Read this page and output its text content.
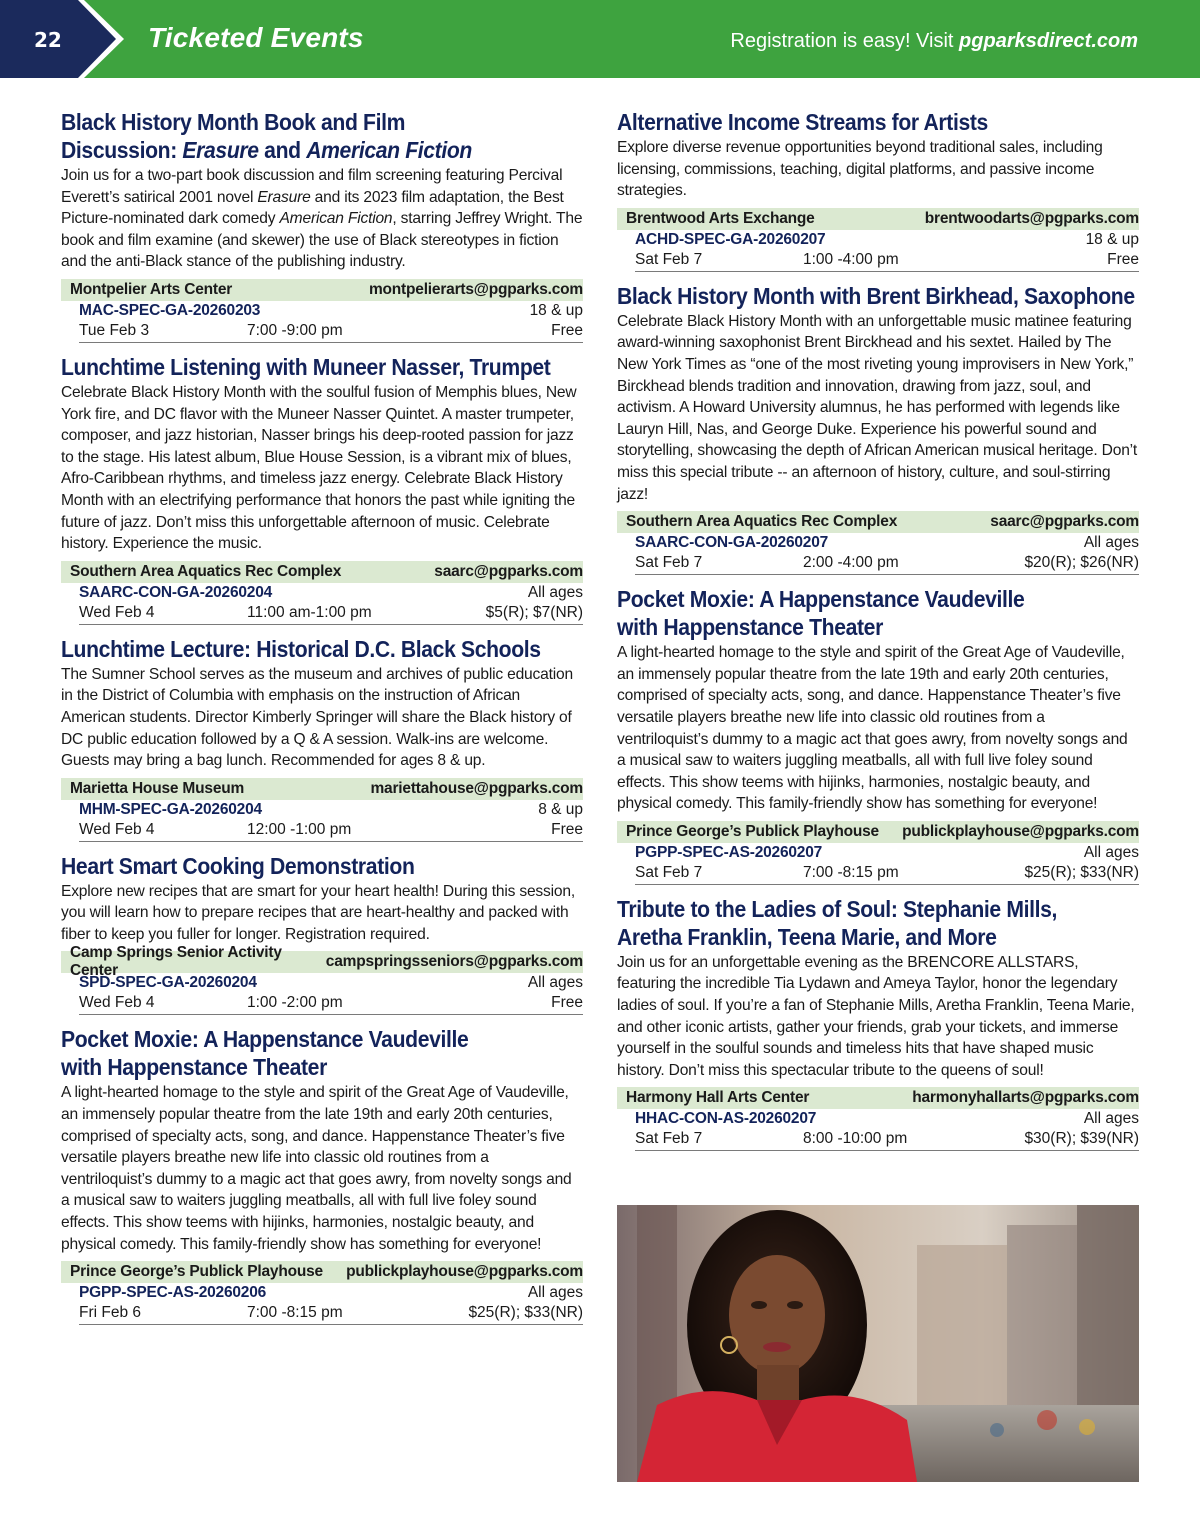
22	Ticketed Events	Registration is easy! Visit pgparksdirect.com
Black History Month Book and Film
Discussion: Erasure and American Fiction
Join us for a two-part book discussion and film screening featuring Percival Everett’s satirical 2001 novel Erasure and its 2023 film adaptation, the Best Picture-nominated dark comedy American Fiction, starring Jeffrey Wright. The book and film examine (and skewer) the use of Black stereotypes in fiction and the anti-Black stance of the publishing industry.
Montpelier Arts Center	montpelierarts@pgparks.com
MAC-SPEC-GA-20260203	18 & up
Tue Feb 3	7:00 -9:00 pm	Free
Lunchtime Listening with Muneer Nasser, Trumpet
Celebrate Black History Month with the soulful fusion of Memphis blues, New York fire, and DC flavor with the Muneer Nasser Quintet. A master trumpeter, composer, and jazz historian, Nasser brings his deep-rooted passion for jazz to the stage. His latest album, Blue House Session, is a vibrant mix of blues, Afro-Caribbean rhythms, and timeless jazz energy. Celebrate Black History Month with an electrifying performance that honors the past while igniting the future of jazz. Don’t miss this unforgettable afternoon of music. Celebrate history. Experience the music.
Southern Area Aquatics Rec Complex	saarc@pgparks.com
SAARC-CON-GA-20260204	All ages
Wed Feb 4	11:00 am-1:00 pm	$5(R); $7(NR)
Lunchtime Lecture: Historical D.C. Black Schools
The Sumner School serves as the museum and archives of public education in the District of Columbia with emphasis on the instruction of African American students. Director Kimberly Springer will share the Black history of DC public education followed by a Q & A session. Walk-ins are welcome. Guests may bring a bag lunch. Recommended for ages 8 & up.
Marietta House Museum	mariettahouse@pgparks.com
MHM-SPEC-GA-20260204	8 & up
Wed Feb 4	12:00 -1:00 pm	Free
Heart Smart Cooking Demonstration
Explore new recipes that are smart for your heart health! During this session, you will learn how to prepare recipes that are heart-healthy and packed with fiber to keep you fuller for longer. Registration required.
Camp Springs Senior Activity Center
campspringsseniors@pgparks.com
SPD-SPEC-GA-20260204	All ages
Wed Feb 4	1:00 -2:00 pm	Free
Pocket Moxie: A Happenstance Vaudeville
with Happenstance Theater
A light-hearted homage to the style and spirit of the Great Age of Vaudeville, an immensely popular theatre from the late 19th and early 20th centuries, comprised of specialty acts, song, and dance. Happenstance Theater’s five versatile players breathe new life into classic old routines from a ventriloquist’s dummy to a magic act that goes awry, from novelty songs and a musical saw to waiters juggling meatballs, all with full live foley sound effects. This show teems with hijinks, harmonies, nostalgic beauty, and physical comedy. This family-friendly show has something for everyone!
Prince George’s Publick Playhouse publickplayhouse@pgparks.com
PGPP-SPEC-AS-20260206	All ages
Fri Feb 6	7:00 -8:15 pm	$25(R); $33(NR)
Alternative Income Streams for Artists
Explore diverse revenue opportunities beyond traditional sales, including licensing, commissions, teaching, digital platforms, and passive income strategies.
Brentwood Arts Exchange	brentwoodarts@pgparks.com
ACHD-SPEC-GA-20260207	18 & up
Sat Feb 7	1:00 -4:00 pm	Free
Black History Month with Brent Birkhead, Saxophone
Celebrate Black History Month with an unforgettable music matinee featuring award-winning saxophonist Brent Birckhead and his sextet. Hailed by The New York Times as “one of the most riveting young improvisers in New York,” Birckhead blends tradition and innovation, drawing from jazz, soul, and activism. A Howard University alumnus, he has performed with legends like Lauryn Hill, Nas, and George Duke. Experience his powerful sound and storytelling, showcasing the depth of African American musical heritage. Don’t miss this special tribute -- an afternoon of history, culture, and soul-stirring jazz!
Southern Area Aquatics Rec Complex	saarc@pgparks.com
SAARC-CON-GA-20260207	All ages
Sat Feb 7	2:00 -4:00 pm	$20(R); $26(NR)
Pocket Moxie: A Happenstance Vaudeville
with Happenstance Theater
A light-hearted homage to the style and spirit of the Great Age of Vaudeville, an immensely popular theatre from the late 19th and early 20th centuries, comprised of specialty acts, song, and dance. Happenstance Theater’s five versatile players breathe new life into classic old routines from a ventriloquist’s dummy to a magic act that goes awry, from novelty songs and a musical saw to waiters juggling meatballs, all with full live foley sound effects. This show teems with hijinks, harmonies, nostalgic beauty, and physical comedy. This family-friendly show has something for everyone!
Prince George’s Publick Playhouse publickplayhouse@pgparks.com
PGPP-SPEC-AS-20260207	All ages
Sat Feb 7	7:00 -8:15 pm	$25(R); $33(NR)
Tribute to the Ladies of Soul: Stephanie Mills,
Aretha Franklin, Teena Marie, and More
Join us for an unforgettable evening as the BRENCORE ALLSTARS, featuring the incredible Tia Lydawn and Ameya Taylor, honor the legendary ladies of soul. If you’re a fan of Stephanie Mills, Aretha Franklin, Teena Marie, and other iconic artists, gather your friends, grab your tickets, and immerse yourself in the soulful sounds and timeless hits that have shaped music history. Don’t miss this spectacular tribute to the queens of soul!
Harmony Hall Arts Center	harmonyhallarts@pgparks.com
HHAC-CON-AS-20260207	All ages
Sat Feb 7	8:00 -10:00 pm	$30(R); $39(NR)
